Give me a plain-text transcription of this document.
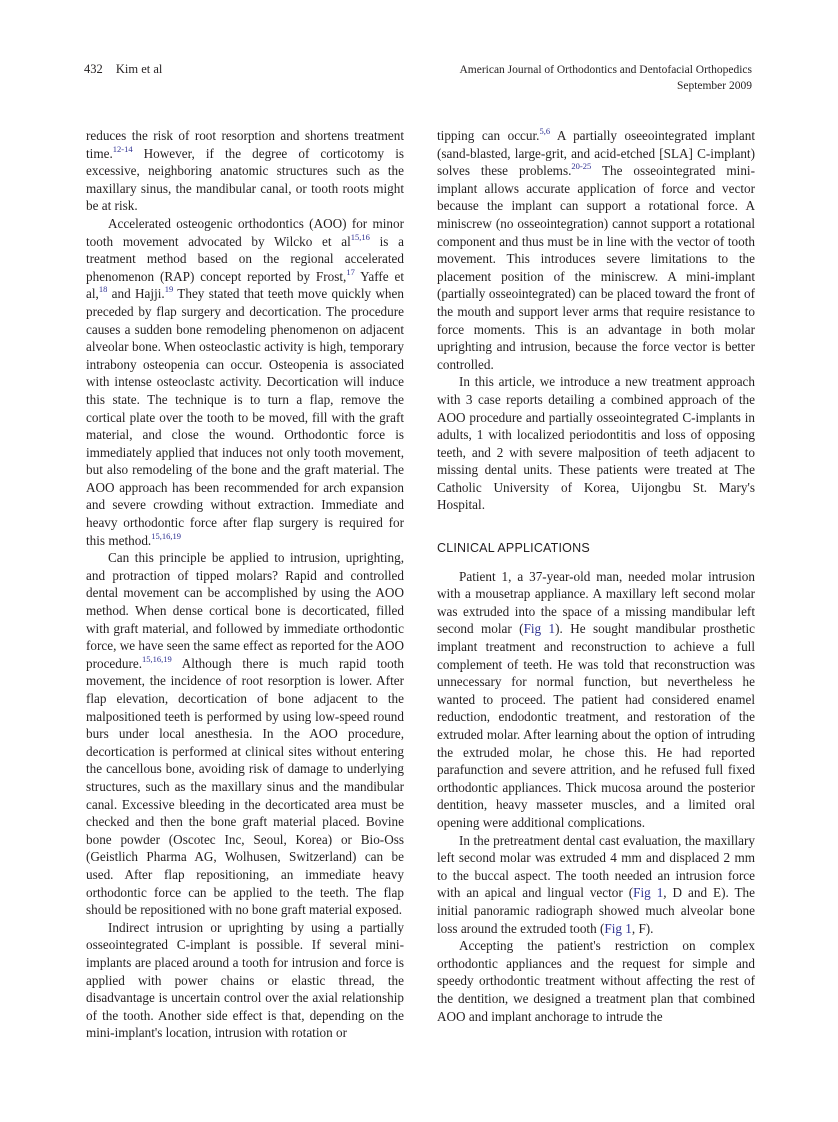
432 Kim et al	American Journal of Orthodontics and Dentofacial Orthopedics
September 2009

reduces the risk of root resorption and shortens treatment time.$^{12-14}$ However, if the degree of corticotomy is excessive, neighboring anatomic structures such as the maxillary sinus, the mandibular canal, or tooth roots might be at risk.

Accelerated osteogenic orthodontics (AOO) for minor tooth movement advocated by Wilcko et al$^{15,16}$ is a treatment method based on the regional accelerated phenomenon (RAP) concept reported by Frost,$^{17}$ Yaffe et al,$^{18}$ and Hajji.$^{19}$ They stated that teeth move quickly when preceded by flap surgery and decortication. The procedure causes a sudden bone remodeling phenomenon on adjacent alveolar bone. When osteoclastic activity is high, temporary intrabony osteopenia can occur. Osteopenia is associated with intense osteoclastc activity. Decortication will induce this state. The technique is to turn a flap, remove the cortical plate over the tooth to be moved, fill with the graft material, and close the wound. Orthodontic force is immediately applied that induces not only tooth movement, but also remodeling of the bone and the graft material. The AOO approach has been recommended for arch expansion and severe crowding without extraction. Immediate and heavy orthodontic force after flap surgery is required for this method.$^{15,16,19}$

Can this principle be applied to intrusion, uprighting, and protraction of tipped molars? Rapid and controlled dental movement can be accomplished by using the AOO method. When dense cortical bone is decorticated, filled with graft material, and followed by immediate orthodontic force, we have seen the same effect as reported for the AOO procedure.$^{15,16,19}$ Although there is much rapid tooth movement, the incidence of root resorption is lower. After flap elevation, decortication of bone adjacent to the malpositioned teeth is performed by using low-speed round burs under local anesthesia. In the AOO procedure, decortication is performed at clinical sites without entering the cancellous bone, avoiding risk of damage to underlying structures, such as the maxillary sinus and the mandibular canal. Excessive bleeding in the decorticated area must be checked and then the bone graft material placed. Bovine bone powder (Oscotec Inc, Seoul, Korea) or Bio-Oss (Geistlich Pharma AG, Wolhusen, Switzerland) can be used. After flap repositioning, an immediate heavy orthodontic force can be applied to the teeth. The flap should be repositioned with no bone graft material exposed.

Indirect intrusion or uprighting by using a partially osseointegrated C-implant is possible. If several mini-implants are placed around a tooth for intrusion and force is applied with power chains or elastic thread, the disadvantage is uncertain control over the axial relationship of the tooth. Another side effect is that, depending on the mini-implant's location, intrusion with rotation or

tipping can occur.$^{5,6}$ A partially oseeointegrated implant (sand-blasted, large-grit, and acid-etched [SLA] C-implant) solves these problems.$^{20-25}$ The osseointegrated mini-implant allows accurate application of force and vector because the implant can support a rotational force. A miniscrew (no osseointegration) cannot support a rotational component and thus must be in line with the vector of tooth movement. This introduces severe limitations to the placement position of the miniscrew. A mini-implant (partially osseointegrated) can be placed toward the front of the mouth and support lever arms that require resistance to force moments. This is an advantage in both molar uprighting and intrusion, because the force vector is better controlled.

In this article, we introduce a new treatment approach with 3 case reports detailing a combined approach of the AOO procedure and partially osseointegrated C-implants in adults, 1 with localized periodontitis and loss of opposing teeth, and 2 with severe malposition of teeth adjacent to missing dental units. These patients were treated at The Catholic University of Korea, Uijongbu St. Mary's Hospital.

CLINICAL APPLICATIONS

Patient 1, a 37-year-old man, needed molar intrusion with a mousetrap appliance. A maxillary left second molar was extruded into the space of a missing mandibular left second molar (Fig 1). He sought mandibular prosthetic implant treatment and reconstruction to achieve a full complement of teeth. He was told that reconstruction was unnecessary for normal function, but nevertheless he wanted to proceed. The patient had considered enamel reduction, endodontic treatment, and restoration of the extruded molar. After learning about the option of intruding the extruded molar, he chose this. He had reported parafunction and severe attrition, and he refused full fixed orthodontic appliances. Thick mucosa around the posterior dentition, heavy masseter muscles, and a limited oral opening were additional complications.

In the pretreatment dental cast evaluation, the maxillary left second molar was extruded 4 mm and displaced 2 mm to the buccal aspect. The tooth needed an intrusion force with an apical and lingual vector (Fig 1, D and E). The initial panoramic radiograph showed much alveolar bone loss around the extruded tooth (Fig 1, F).

Accepting the patient's restriction on complex orthodontic appliances and the request for simple and speedy orthodontic treatment without affecting the rest of the dentition, we designed a treatment plan that combined AOO and implant anchorage to intrude the
